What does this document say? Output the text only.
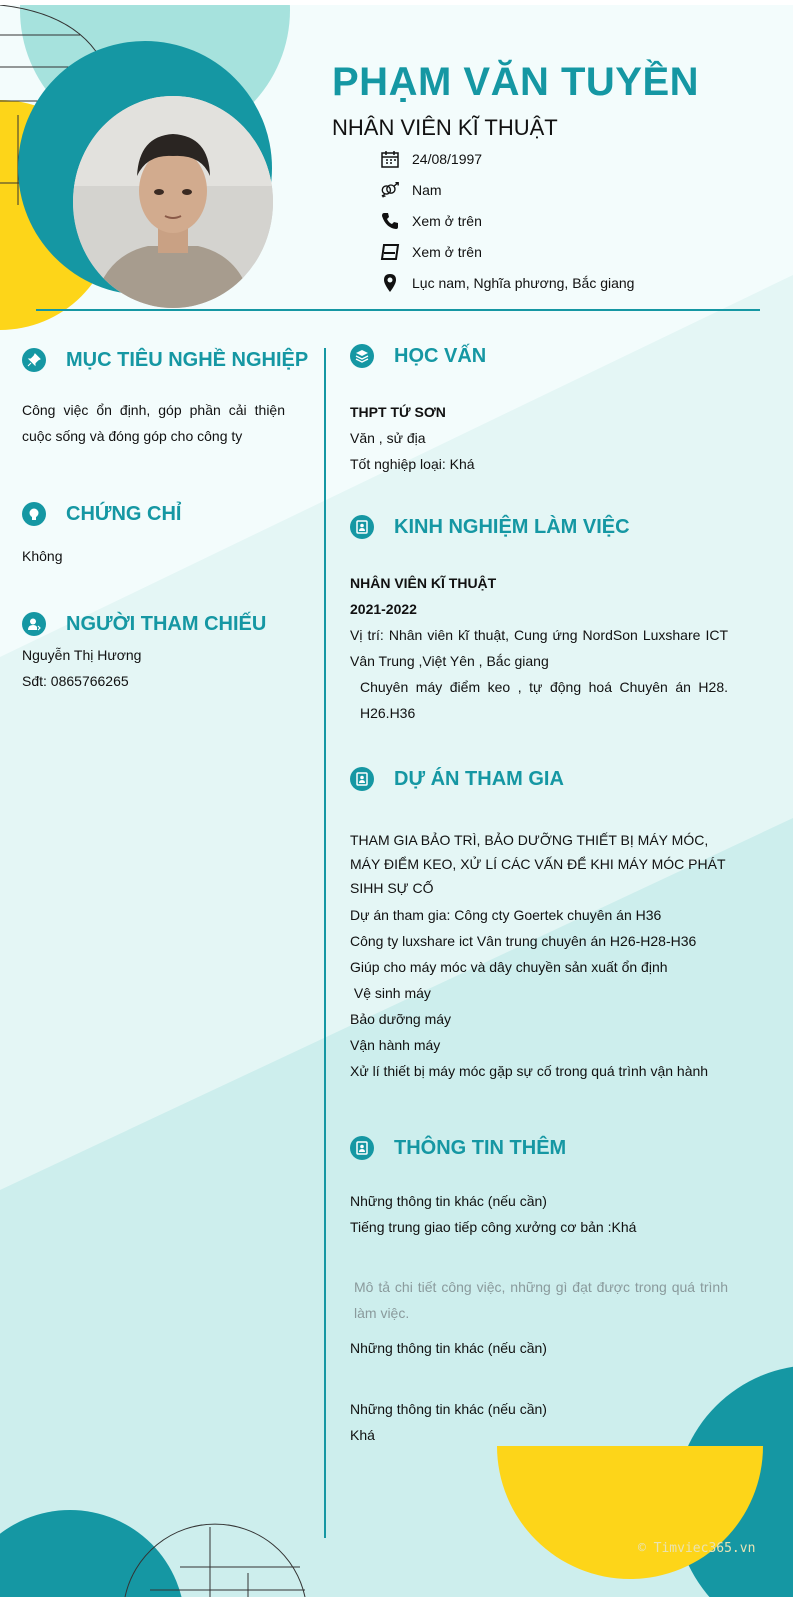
PHẠM VĂN TUYỀN
NHÂN VIÊN KĨ THUẬT
24/08/1997
Nam
Xem ở trên
Xem ở trên
Lục nam, Nghĩa phương, Bắc giang
MỤC TIÊU NGHỀ NGHIỆP
Công việc ổn định, góp phần cải thiện cuộc sống và đóng góp cho công ty
CHỨNG CHỈ
Không
NGƯỜI THAM CHIẾU
Nguyễn Thị Hương
Sđt: 0865766265
HỌC VẤN
THPT TỨ SƠN
Văn , sử địa
Tốt nghiệp loại: Khá
KINH NGHIỆM LÀM VIỆC
NHÂN VIÊN KĨ THUẬT
2021-2022
Vị trí: Nhân viên kĩ thuật, Cung ứng NordSon Luxshare ICT Vân Trung ,Việt Yên , Bắc giang
Chuyên máy điểm keo , tự động hoá Chuyên án H28. H26.H36
DỰ ÁN THAM GIA
THAM GIA BẢO TRÌ, BẢO DƯỠNG THIẾT BỊ MÁY MÓC, MÁY ĐIỂM KEO, XỬ LÍ CÁC VẤN ĐỂ KHI MÁY MÓC PHÁT SIHH SỰ CỐ
Dự án tham gia: Công cty Goertek chuyên án H36
Công ty luxshare ict Vân trung chuyên án H26-H28-H36
Giúp cho máy móc và dây chuyền sản xuất ổn định
Vệ sinh máy
Bảo dưỡng máy
Vận hành máy
Xử lí thiết bị máy móc gặp sự cố trong quá trình vận hành
THÔNG TIN THÊM
Những thông tin khác (nếu cần)
Tiếng trung giao tiếp công xưởng cơ bản :Khá
Mô tả chi tiết công việc, những gì đạt được trong quá trình làm việc.
Những thông tin khác (nếu cần)
Những thông tin khác (nếu cần)
Khá
© Timviec365.vn
